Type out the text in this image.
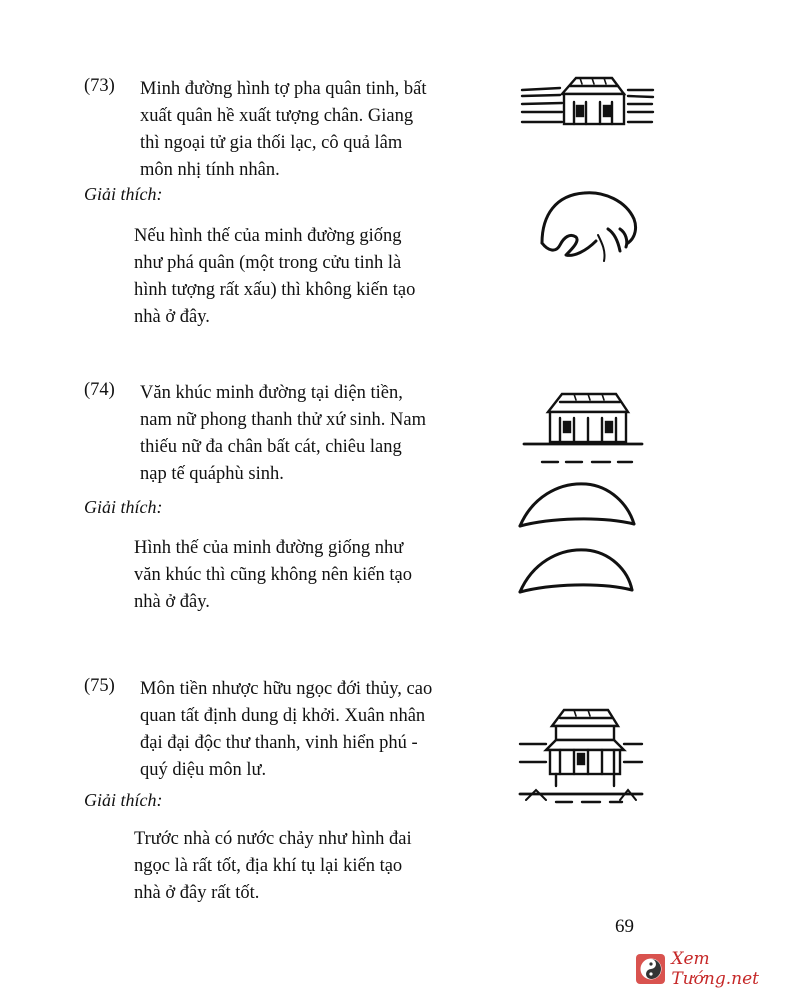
(73) Minh đường hình tợ pha quân tinh, bất
xuất quân hề xuất tượng chân. Giang
thì ngoại tử gia thối lạc, cô quả lâm
môn nhị tính nhân.
Giải thích:
Nếu hình thế của minh đường giống
như phá quân (một trong cửu tinh là
hình tượng rất xấu) thì không kiến tạo
nhà ở đây.
(74) Văn khúc minh đường tại diện tiền,
nam nữ phong thanh thử xứ sinh. Nam
thiếu nữ đa chân bất cát, chiêu lang
nạp tế quáphù sinh.
Giải thích:
Hình thế của minh đường giống như
văn khúc thì cũng không nên kiến tạo
nhà ở đây.
(75) Môn tiền nhược hữu ngọc đới thủy, cao
quan tất định dung dị khởi. Xuân nhân
đại đại độc thư thanh, vinh hiển phú -
quý diệu môn lư.
Giải thích:
Trước nhà có nước chảy như hình đai
ngọc là rất tốt, địa khí tụ lại kiến tạo
nhà ở đây rất tốt.
69
Xem Tướng.net
